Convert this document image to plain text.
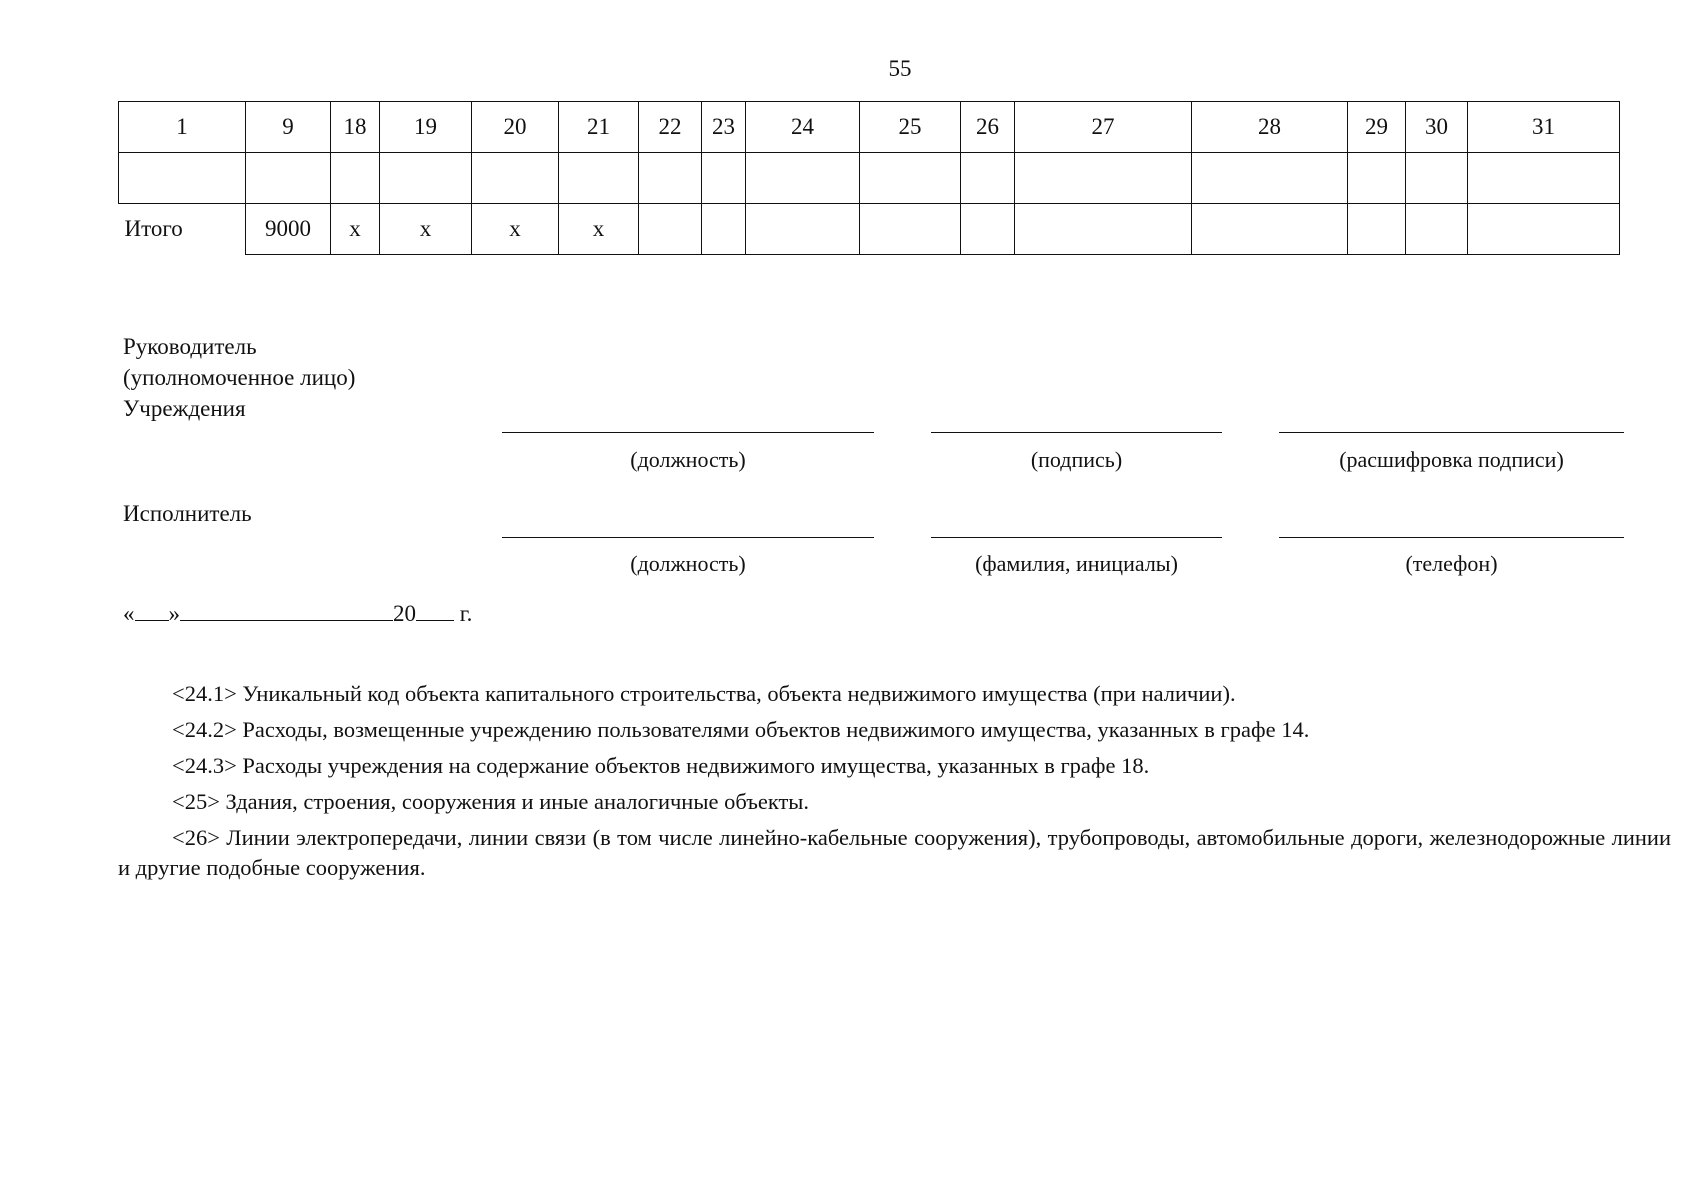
55
1	9	18	19	20	21	22	23	24	25	26	27	28	29	30	31

Итого	9000	х	х	х	х										
Руководитель
(уполномоченное лицо)
Учреждения
(должность)	(подпись)	(расшифровка подписи)
Исполнитель
(должность)	(фамилия, инициалы)	(телефон)
« »	20 г.

<24.1> Уникальный код объекта капитального строительства, объекта недвижимого имущества (при наличии).

<24.2> Расходы, возмещенные учреждению пользователями объектов недвижимого имущества, указанных в графе 14.

<24.3> Расходы учреждения на содержание объектов недвижимого имущества, указанных в графе 18.

<25> Здания, строения, сооружения и иные аналогичные объекты.

<26> Линии электропередачи, линии связи (в том числе линейно-кабельные сооружения), трубопроводы, автомобильные дороги, железнодорожные линии и другие подобные сооружения.
